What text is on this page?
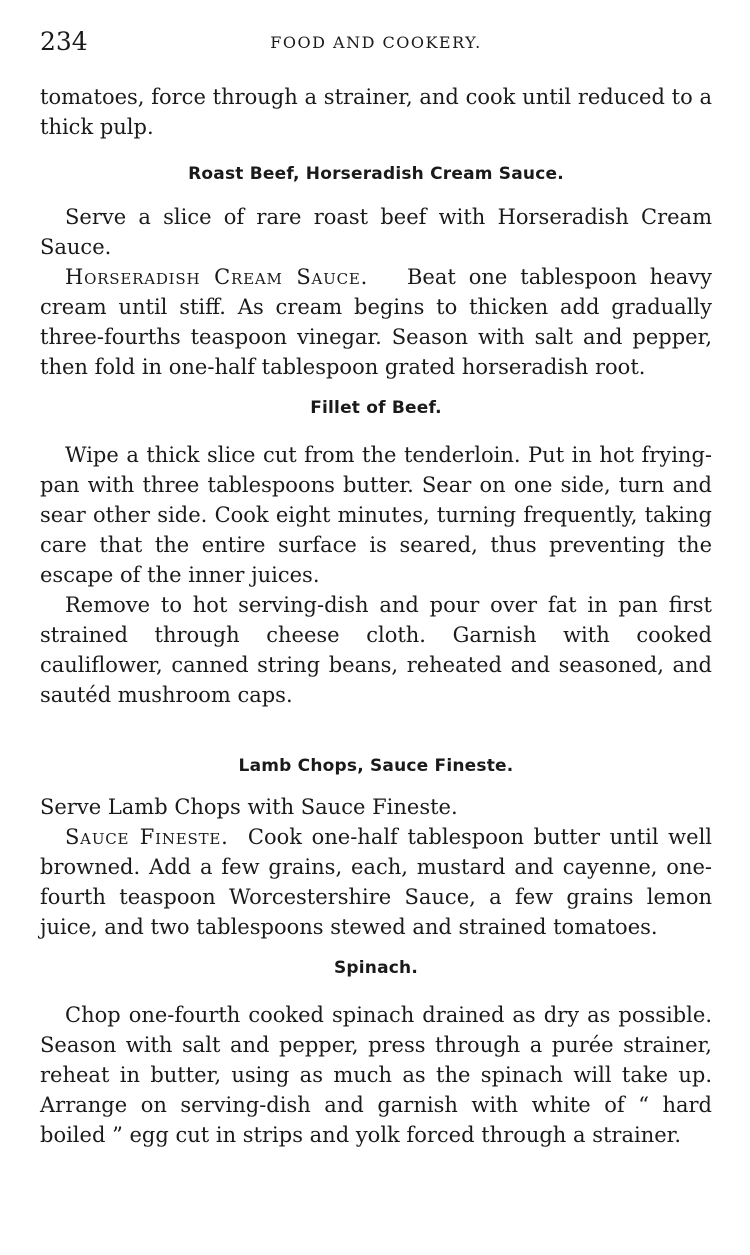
234	FOOD AND COOKERY.

tomatoes, force through a strainer, and cook until reduced to a thick pulp.

Roast Beef, Horseradish Cream Sauce.

Serve a slice of rare roast beef with Horseradish Cream Sauce.

Horseradish Cream Sauce. Beat one tablespoon heavy cream until stiff. As cream begins to thicken add gradually three-fourths teaspoon vinegar. Season with salt and pepper, then fold in one-half tablespoon grated horseradish root.

Fillet of Beef.

Wipe a thick slice cut from the tenderloin. Put in hot frying-pan with three tablespoons butter. Sear on one side, turn and sear other side. Cook eight minutes, turning frequently, taking care that the entire surface is seared, thus preventing the escape of the inner juices.

Remove to hot serving-dish and pour over fat in pan first strained through cheese cloth. Garnish with cooked cauliflower, canned string beans, reheated and seasoned, and sautéd mushroom caps.

Lamb Chops, Sauce Fineste.

Serve Lamb Chops with Sauce Fineste.

Sauce Fineste. Cook one-half tablespoon butter until well browned. Add a few grains, each, mustard and cayenne, one-fourth teaspoon Worcestershire Sauce, a few grains lemon juice, and two tablespoons stewed and strained tomatoes.

Spinach.

Chop one-fourth cooked spinach drained as dry as possible. Season with salt and pepper, press through a purée strainer, reheat in butter, using as much as the spinach will take up. Arrange on serving-dish and garnish with white of “ hard boiled ” egg cut in strips and yolk forced through a strainer.
